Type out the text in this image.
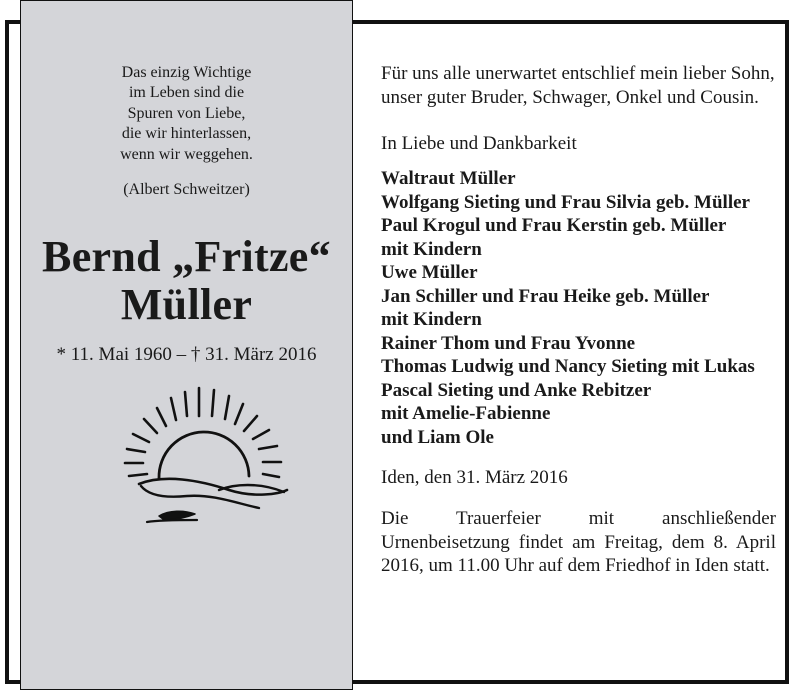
Das einzig Wichtige
im Leben sind die
Spuren von Liebe,
die wir hinterlassen,
wenn wir weggehen.
(Albert Schweitzer)
Bernd „Fritze“
Müller
* 11. Mai 1960 – † 31. März 2016
Für uns alle unerwartet entschlief mein lieber Sohn, unser guter Bruder, Schwager, Onkel und Cousin.
In Liebe und Dankbarkeit
Waltraut Müller
Wolfgang Sieting und Frau Silvia geb. Müller
Paul Krogul und Frau Kerstin geb. Müller
mit Kindern
Uwe Müller
Jan Schiller und Frau Heike geb. Müller
mit Kindern
Rainer Thom und Frau Yvonne
Thomas Ludwig und Nancy Sieting mit Lukas
Pascal Sieting und Anke Rebitzer
mit Amelie-Fabienne
und Liam Ole
Iden, den 31. März 2016
Die Trauerfeier mit anschließender Urnenbeisetzung findet am Freitag, dem 8. April 2016, um 11.00 Uhr auf dem Friedhof in Iden statt.
